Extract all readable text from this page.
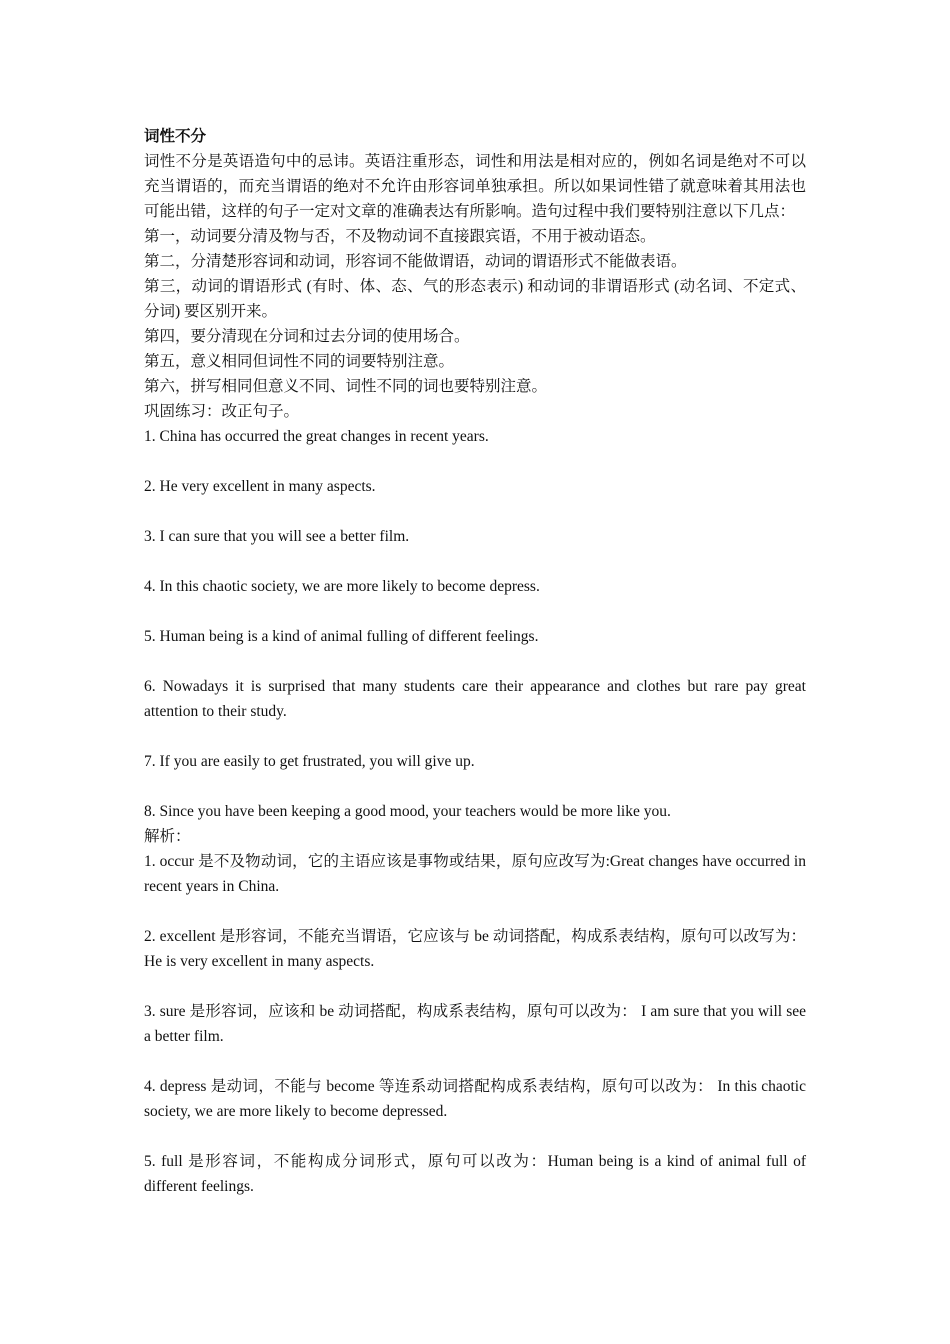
词性不分

词性不分是英语造句中的忌讳。英语注重形态，词性和用法是相对应的，例如名词是绝对不可以充当谓语的，而充当谓语的绝对不允许由形容词单独承担。所以如果词性错了就意味着其用法也可能出错，这样的句子一定对文章的准确表达有所影响。造句过程中我们要特别注意以下几点：

第一，动词要分清及物与否，不及物动词不直接跟宾语，不用于被动语态。

第二，分清楚形容词和动词，形容词不能做谓语，动词的谓语形式不能做表语。

第三，动词的谓语形式 (有时、体、态、气的形态表示) 和动词的非谓语形式 (动名词、不定式、分词) 要区别开来。

第四，要分清现在分词和过去分词的使用场合。

第五，意义相同但词性不同的词要特别注意。

第六，拼写相同但意义不同、词性不同的词也要特别注意。

巩固练习：改正句子。

1. China has occurred the great changes in recent years.

2. He very excellent in many aspects.

3. I can sure that you will see a better film.

4. In this chaotic society, we are more likely to become depress.

5. Human being is a kind of animal fulling of different feelings.

6. Nowadays it is surprised that many students care their appearance and clothes but rare pay great attention to their study.

7. If you are easily to get frustrated, you will give up.

8. Since you have been keeping a good mood, your teachers would be more like you.

解析：

1. occur 是不及物动词，它的主语应该是事物或结果，原句应改写为:Great changes have occurred in recent years in China.

2. excellent 是形容词，不能充当谓语，它应该与 be 动词搭配，构成系表结构，原句可以改写为：He is very excellent in many aspects.

3. sure 是形容词，应该和 be 动词搭配，构成系表结构，原句可以改为： I am sure that you will see a better film.

4. depress 是动词，不能与 become 等连系动词搭配构成系表结构，原句可以改为： In this chaotic society, we are more likely to become depressed.

5. full 是形容词，不能构成分词形式，原句可以改为：Human being is a kind of animal full of different feelings.
